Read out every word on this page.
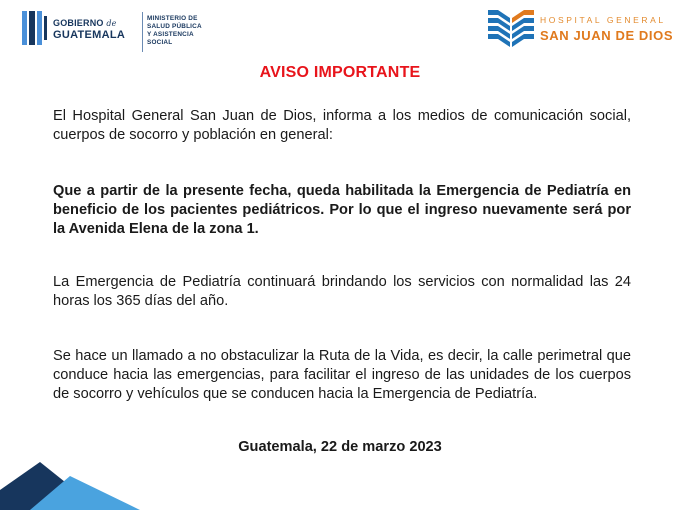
GOBIERNO de
GUATEMALA
MINISTERIO DE
SALUD PÚBLICA
Y ASISTENCIA
SOCIAL
HOSPITAL GENERAL
SAN JUAN DE DIOS
AVISO IMPORTANTE

El Hospital General San Juan de Dios, informa a los medios de comunicación social, cuerpos de socorro y población en general:

Que a partir de la presente fecha, queda habilitada la Emergencia de Pediatría en beneficio de los pacientes pediátricos. Por lo que el ingreso nuevamente será por la Avenida Elena de la zona 1.

La Emergencia de Pediatría continuará brindando los servicios con normalidad las 24 horas los 365 días del año.

Se hace un llamado a no obstaculizar la Ruta de la Vida, es decir, la calle perimetral que conduce hacia las emergencias, para facilitar el ingreso de las unidades de los cuerpos de socorro y vehículos que se conducen hacia la Emergencia de Pediatría.

Guatemala, 22 de marzo 2023
